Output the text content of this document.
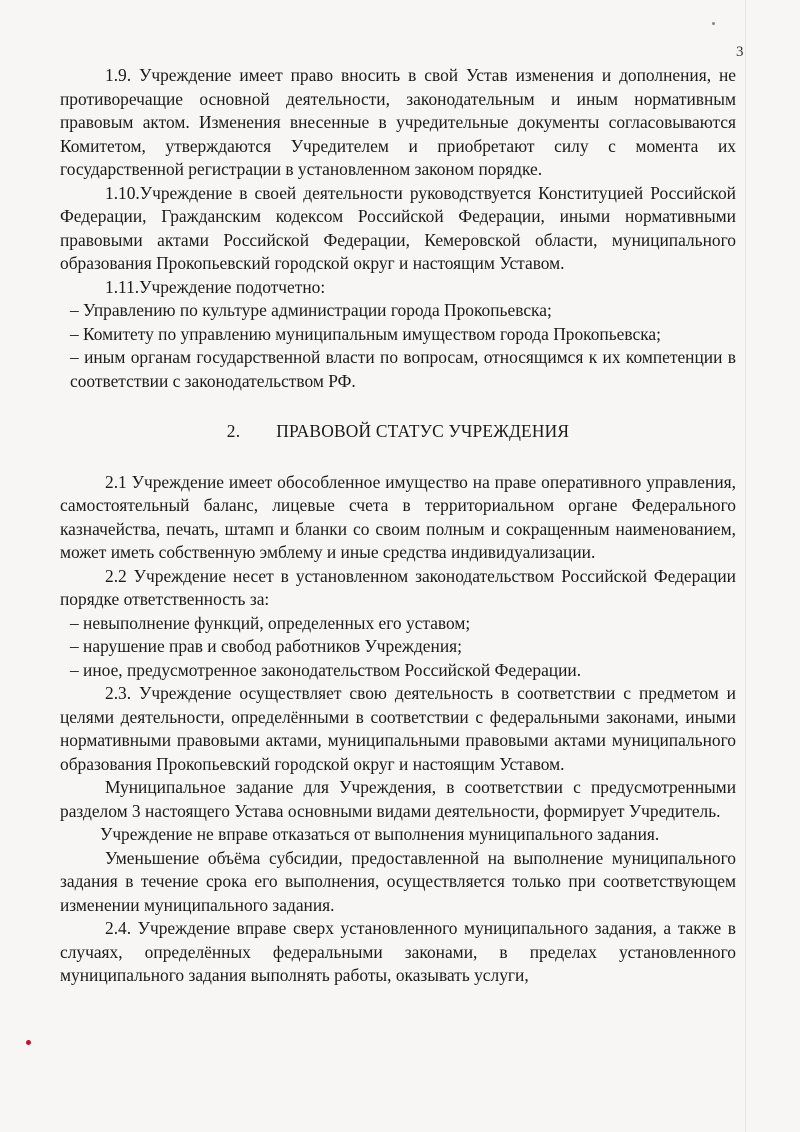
3

1.9. Учреждение имеет право вносить в свой Устав изменения и дополнения, не противоречащие основной деятельности, законодательным и иным нормативным правовым актом. Изменения внесенные в учредительные документы согласовываются Комитетом, утверждаются Учредителем и приобретают силу с момента их государственной регистрации в установленном законом порядке.

1.10.Учреждение в своей деятельности руководствуется Конституцией Российской Федерации, Гражданским кодексом Российской Федерации, иными нормативными правовыми актами Российской Федерации, Кемеровской области, муниципального образования Прокопьевский городской округ и настоящим Уставом.

1.11.Учреждение подотчетно:

– Управлению по культуре администрации города Прокопьевска;

– Комитету по управлению муниципальным имуществом города Прокопьевска;

– иным органам государственной власти по вопросам, относящимся к их компетенции в соответствии с законодательством РФ.

2. ПРАВОВОЙ СТАТУС УЧРЕЖДЕНИЯ

2.1 Учреждение имеет обособленное имущество на праве оперативного управления, самостоятельный баланс, лицевые счета в территориальном органе Федерального казначейства, печать, штамп и бланки со своим полным и сокращенным наименованием, может иметь собственную эмблему и иные средства индивидуализации.

2.2 Учреждение несет в установленном законодательством Российской Федерации порядке ответственность за:

– невыполнение функций, определенных его уставом;

– нарушение прав и свобод работников Учреждения;

– иное, предусмотренное законодательством Российской Федерации.

2.3. Учреждение осуществляет свою деятельность в соответствии с предметом и целями деятельности, определёнными в соответствии с федеральными законами, иными нормативными правовыми актами, муниципальными правовыми актами муниципального образования Прокопьевский городской округ и настоящим Уставом.

Муниципальное задание для Учреждения, в соответствии с предусмотренными разделом 3 настоящего Устава основными видами деятельности, формирует Учредитель.

Учреждение не вправе отказаться от выполнения муниципального задания.

Уменьшение объёма субсидии, предоставленной на выполнение муниципального задания в течение срока его выполнения, осуществляется только при соответствующем изменении муниципального задания.

2.4. Учреждение вправе сверх установленного муниципального задания, а также в случаях, определённых федеральными законами, в пределах установленного муниципального задания выполнять работы, оказывать услуги,
